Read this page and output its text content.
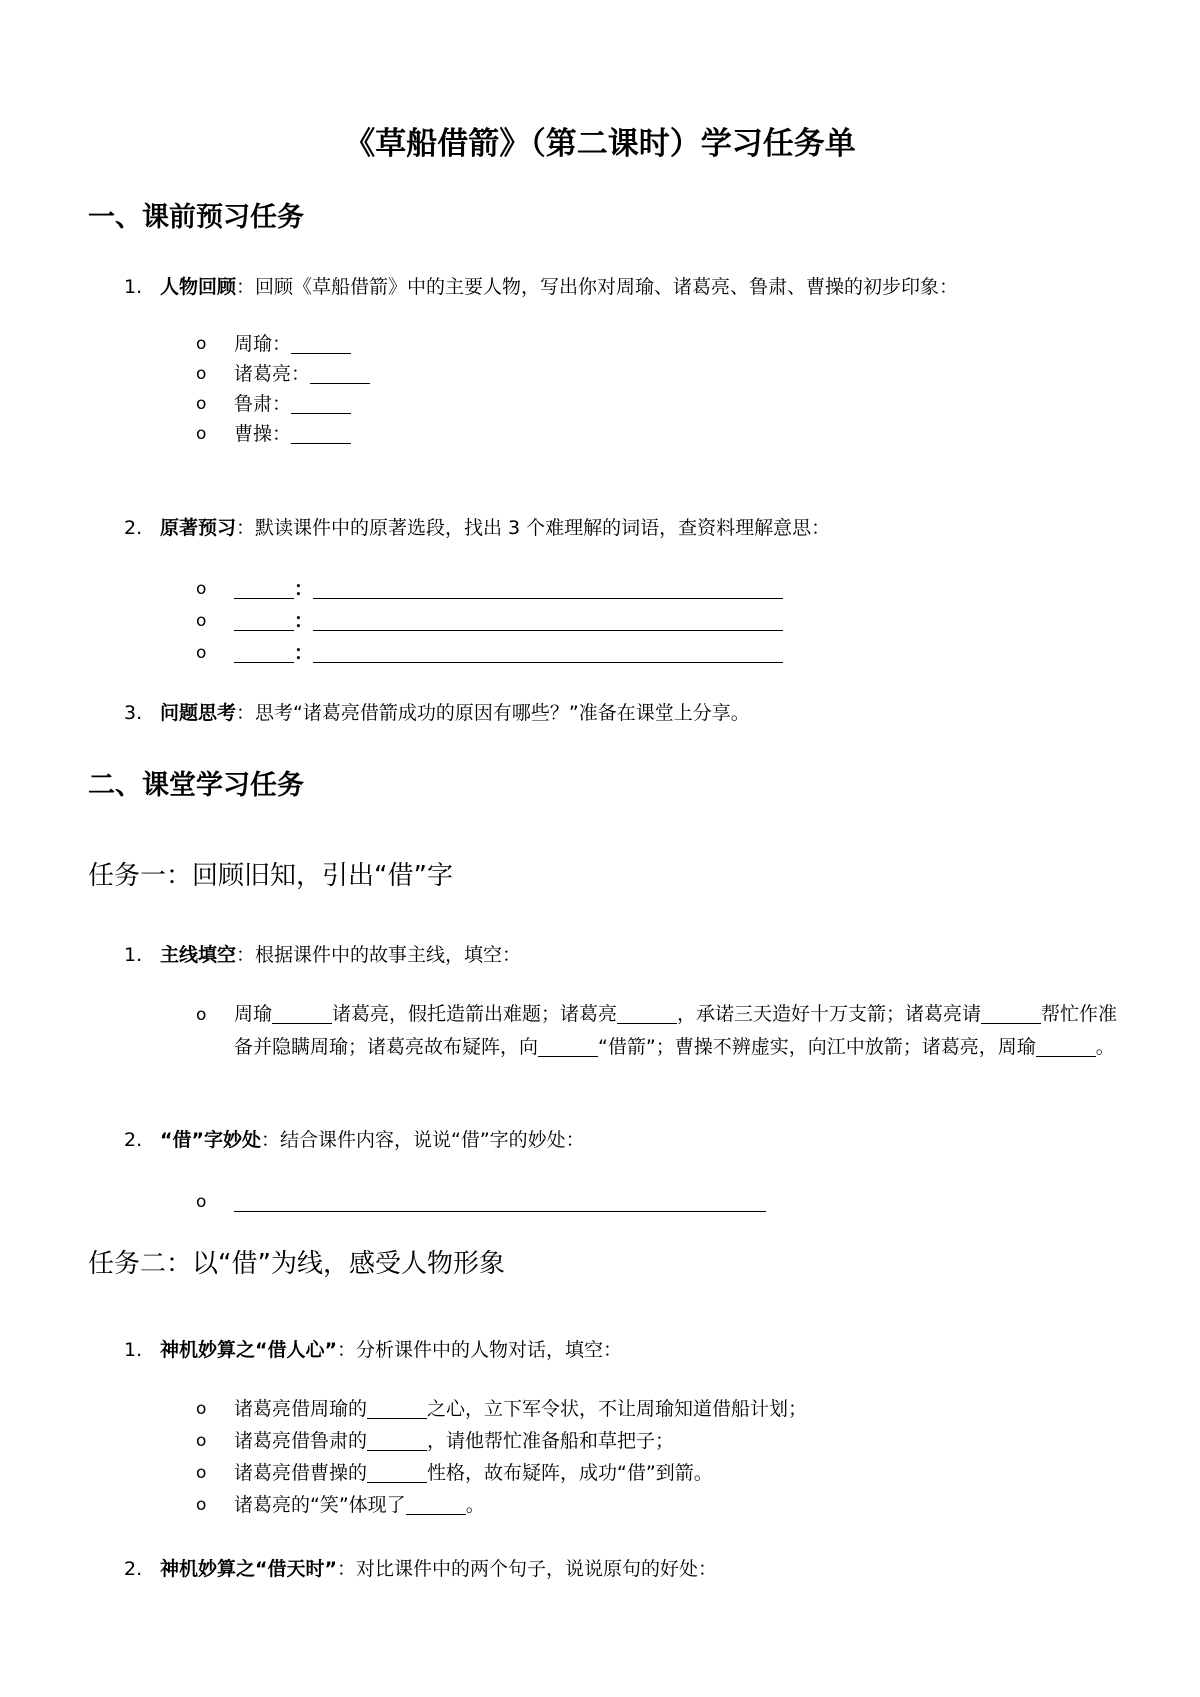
《草船借箭》（第二课时）学习任务单
一、课前预习任务
1. 人物回顾：回顾《草船借箭》中的主要人物，写出你对周瑜、诸葛亮、鲁肃、曹操的初步印象：
o	周瑜：
o	诸葛亮：
o	鲁肃：
o	曹操：
2. 原著预习：默读课件中的原著选段，找出 3 个难理解的词语，查资料理解意思：
o	：
o	：
o	：
3. 问题思考：思考“诸葛亮借箭成功的原因有哪些？”准备在课堂上分享。
二、课堂学习任务
任务一：回顾旧知，引出“借”字
1. 主线填空：根据课件中的故事主线，填空：
o	周瑜	诸葛亮，假托造箭出难题；诸葛亮	，承诺三天造好十万支箭；诸葛亮请	帮忙作准备并隐瞒周瑜；诸葛亮故布疑阵，向	“借箭”；曹操不辨虚实，向江中放箭；诸葛亮，周瑜	。
2. “借”字妙处：结合课件内容，说说“借”字的妙处：
o
任务二：以“借”为线，感受人物形象
1. 神机妙算之“借人心”：分析课件中的人物对话，填空：
o	诸葛亮借周瑜的	之心，立下军令状，不让周瑜知道借船计划；
o	诸葛亮借鲁肃的	，请他帮忙准备船和草把子；
o	诸葛亮借曹操的	性格，故布疑阵，成功“借”到箭。
o	诸葛亮的“笑”体现了	。
2. 神机妙算之“借天时”：对比课件中的两个句子，说说原句的好处：
